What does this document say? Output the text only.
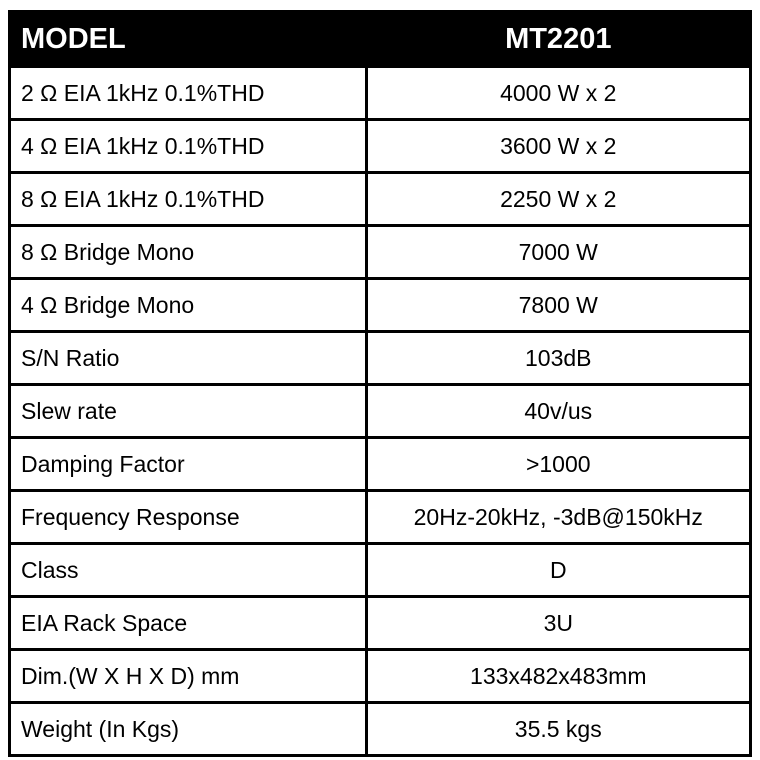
MODEL	MT2201
2 Ω EIA 1kHz 0.1%THD	4000 W x 2
4 Ω EIA 1kHz 0.1%THD	3600 W x 2
8 Ω EIA 1kHz 0.1%THD	2250 W x 2
8 Ω Bridge Mono	7000 W
4 Ω Bridge Mono	7800 W
S/N Ratio	103dB
Slew rate	40v/us
Damping Factor	>1000
Frequency Response	20Hz-20kHz, -3dB@150kHz
Class	D
EIA Rack Space	3U
Dim.(W X H X D) mm	133x482x483mm
Weight (In Kgs)	35.5 kgs
